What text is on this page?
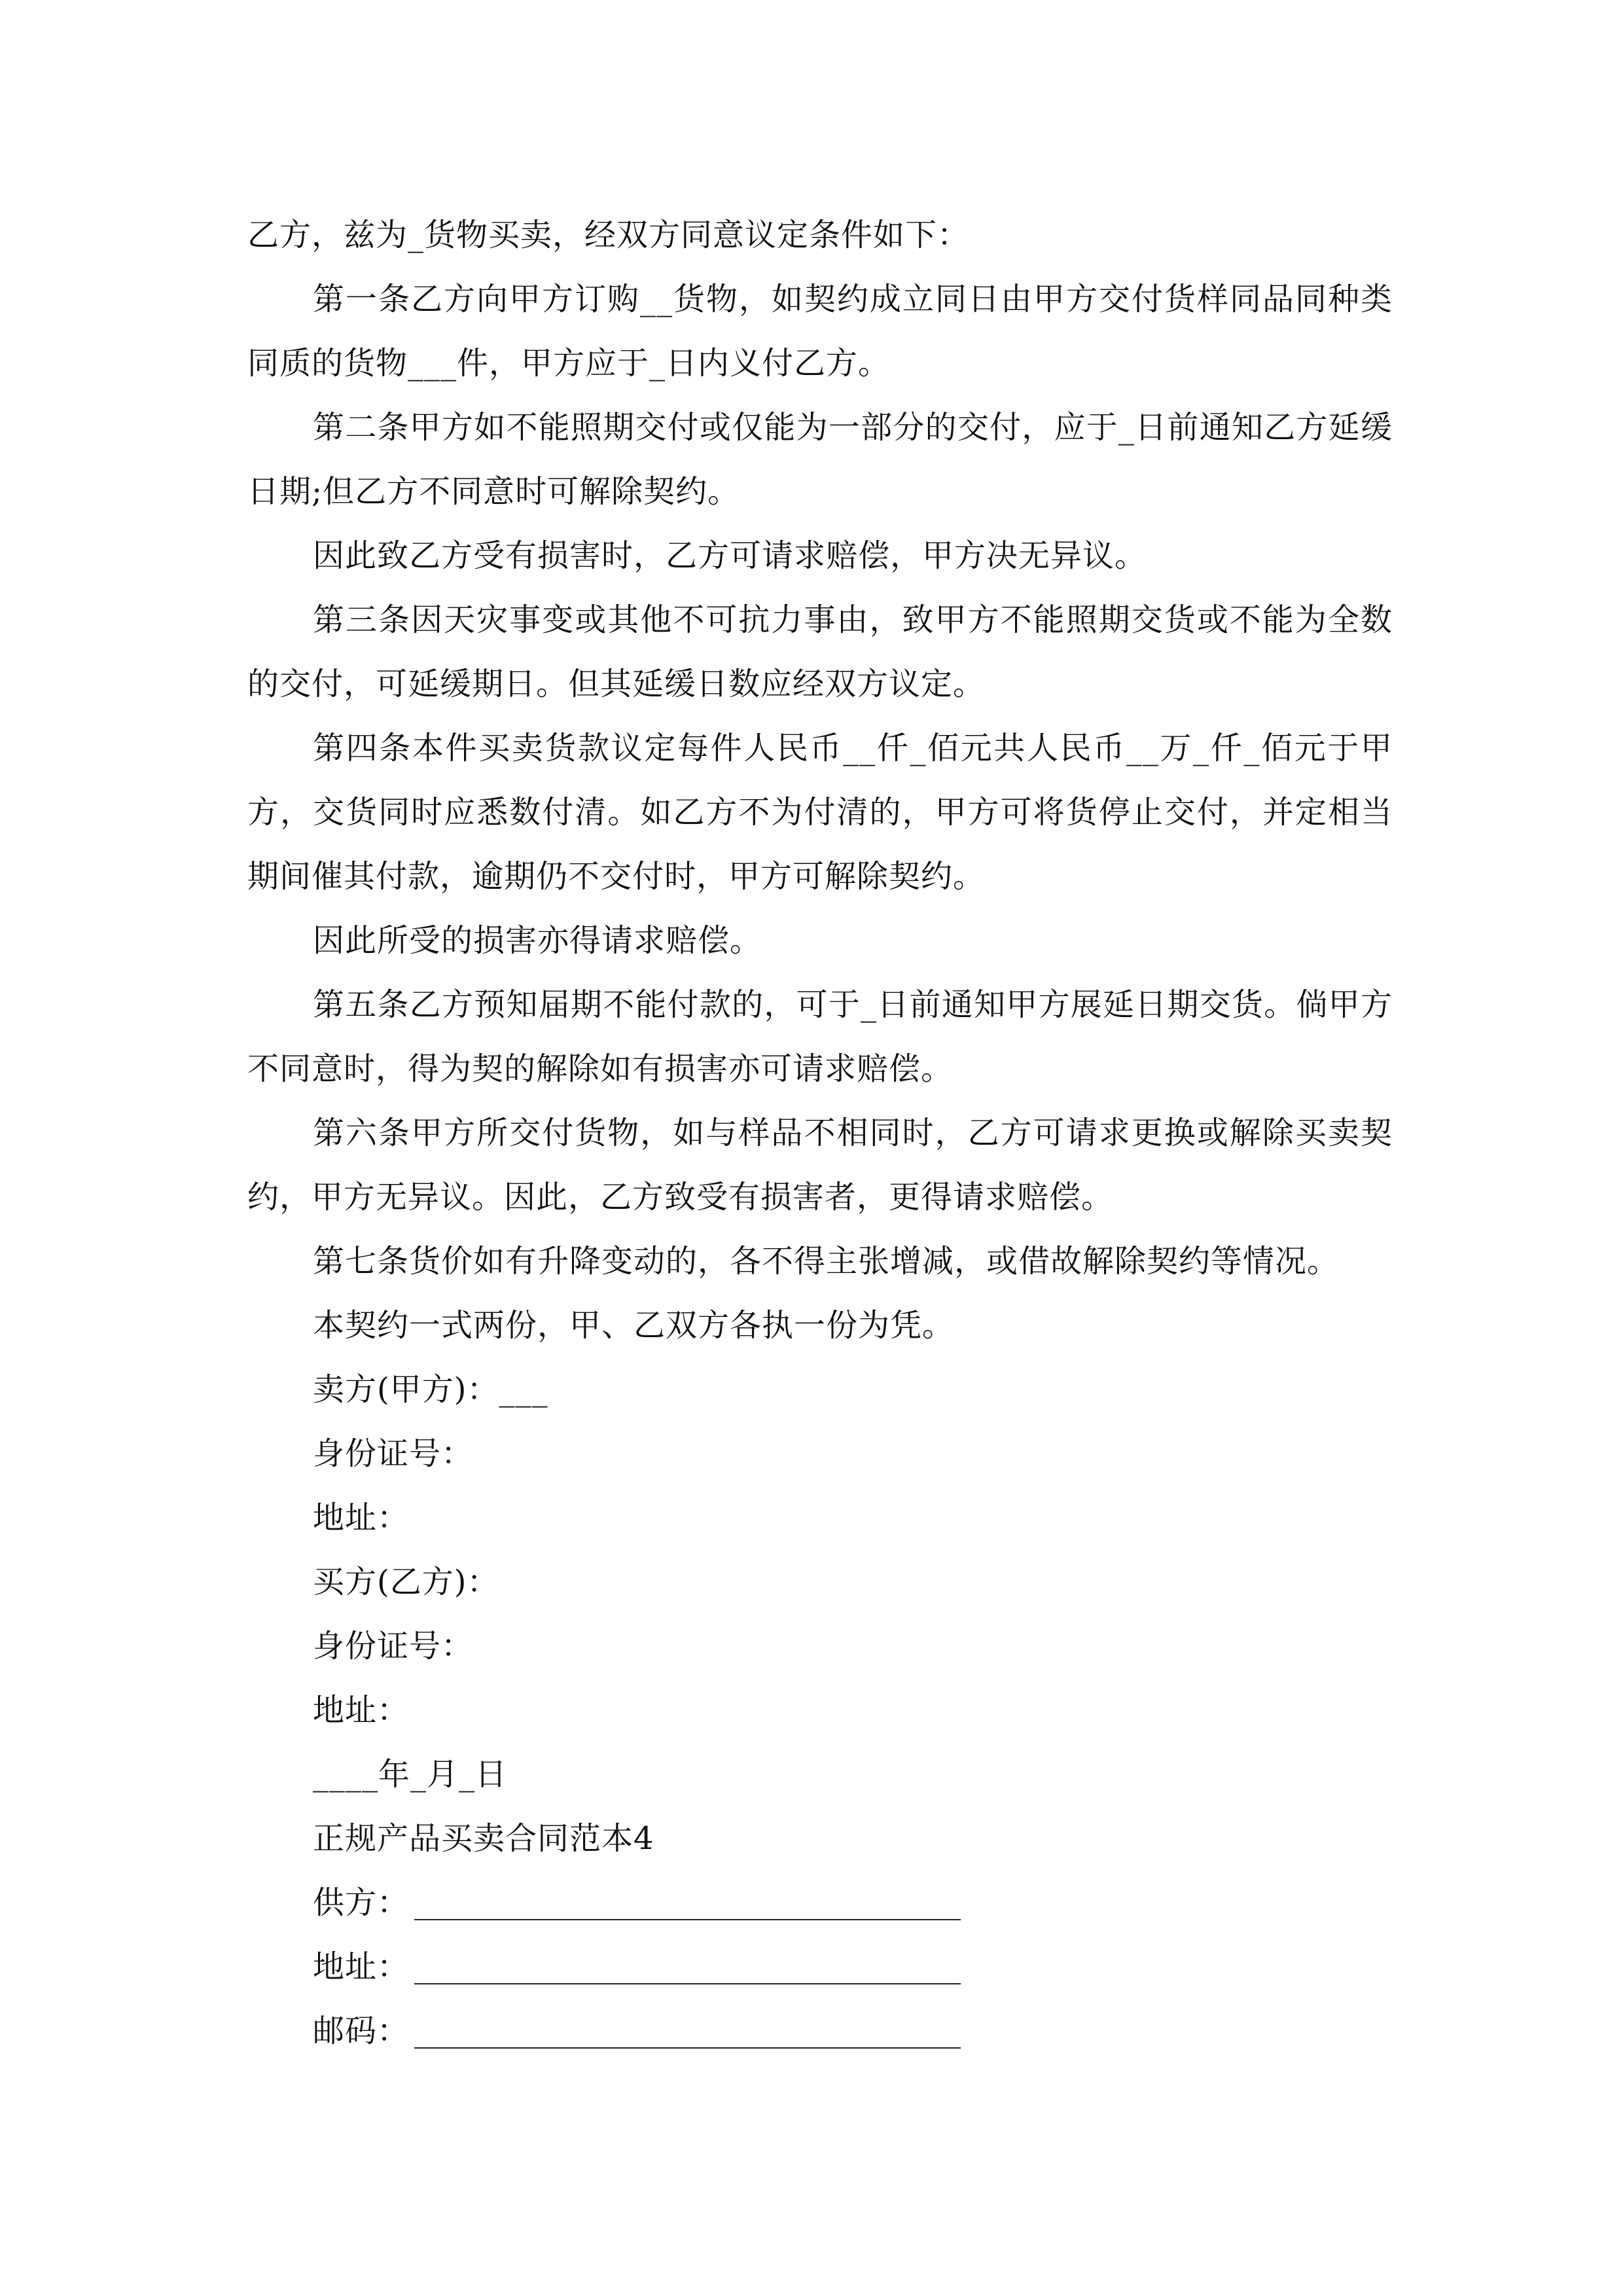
乙方，兹为_货物买卖，经双方同意议定条件如下：

第一条乙方向甲方订购__货物，如契约成立同日由甲方交付货样同品同种类同质的货物___件，甲方应于_日内义付乙方。

第二条甲方如不能照期交付或仅能为一部分的交付，应于_日前通知乙方延缓日期;但乙方不同意时可解除契约。

因此致乙方受有损害时，乙方可请求赔偿，甲方决无异议。

第三条因天灾事变或其他不可抗力事由，致甲方不能照期交货或不能为全数的交付，可延缓期日。但其延缓日数应经双方议定。

第四条本件买卖货款议定每件人民币__仟_佰元共人民币__万_仟_佰元于甲方，交货同时应悉数付清。如乙方不为付清的，甲方可将货停止交付，并定相当期间催其付款，逾期仍不交付时，甲方可解除契约。

因此所受的损害亦得请求赔偿。

第五条乙方预知届期不能付款的，可于_日前通知甲方展延日期交货。倘甲方不同意时，得为契的解除如有损害亦可请求赔偿。

第六条甲方所交付货物，如与样品不相同时，乙方可请求更换或解除买卖契约，甲方无异议。因此，乙方致受有损害者，更得请求赔偿。

第七条货价如有升降变动的，各不得主张增减，或借故解除契约等情况。

本契约一式两份，甲、乙双方各执一份为凭。

卖方(甲方)：___

身份证号：

地址：

买方(乙方)：

身份证号：

地址：

____年_月_日

正规产品买卖合同范本4

供方：
地址：
邮码：
